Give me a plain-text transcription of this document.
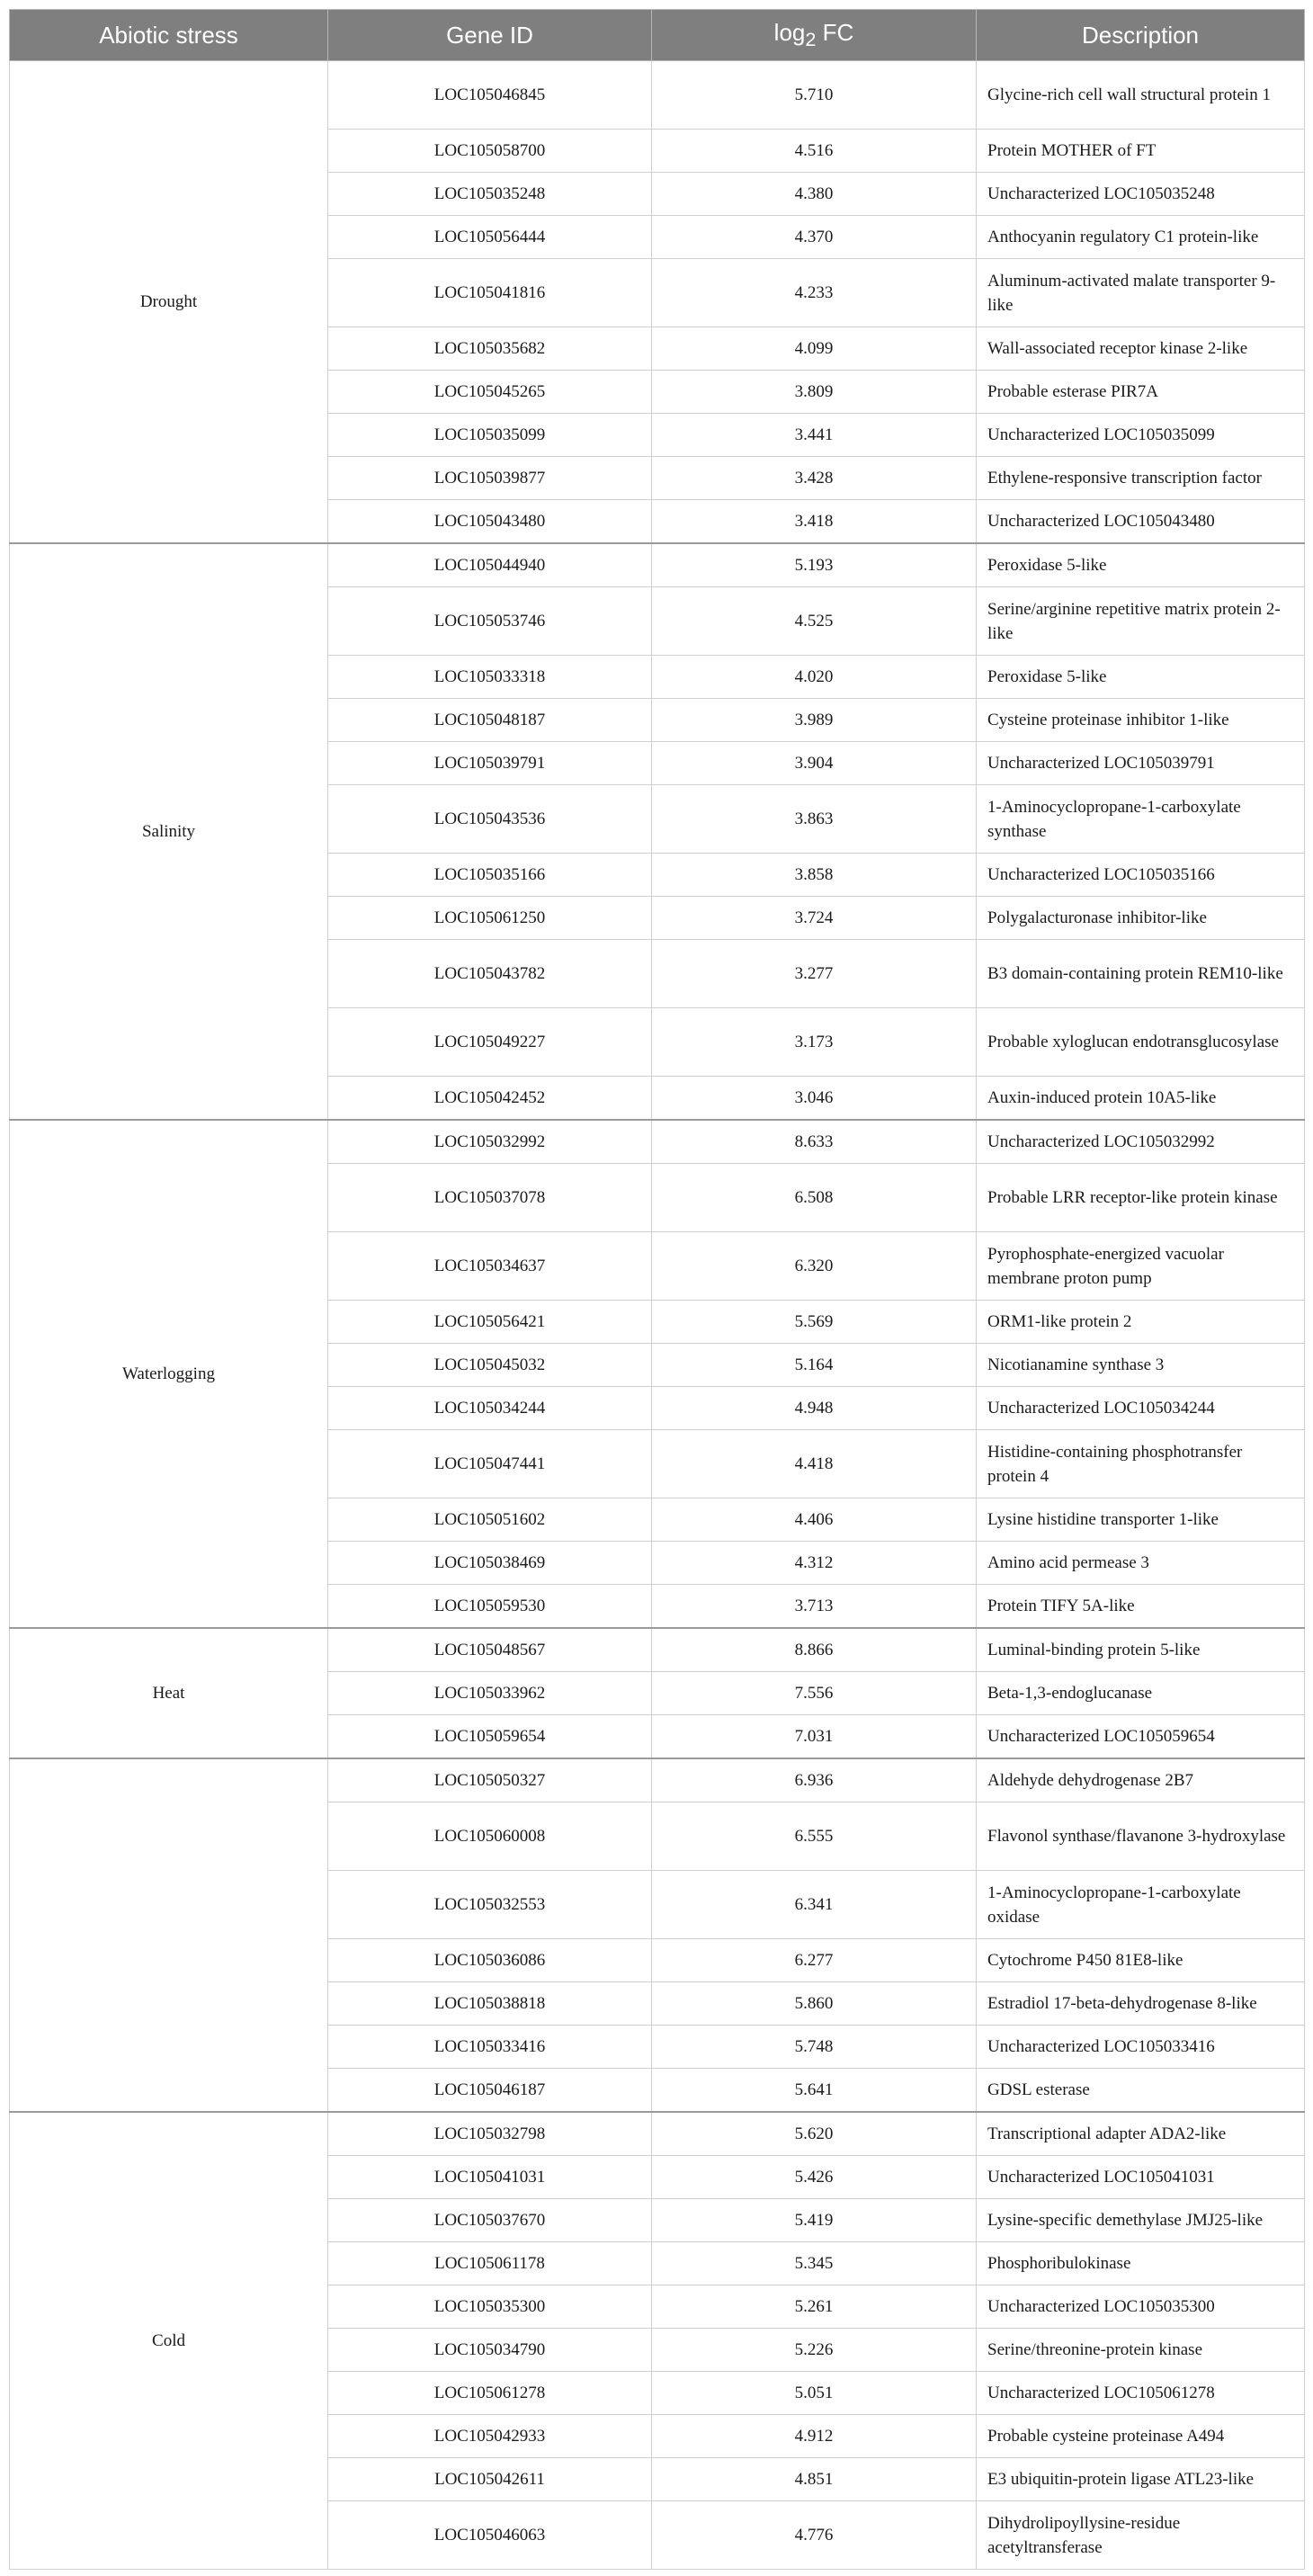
Abiotic stress	Gene ID	$\log_2$ FC	Description
Drought	LOC105046845	5.710	Glycine-rich cell wall structural protein 1
	LOC105058700	4.516	Protein MOTHER of FT
	LOC105035248	4.380	Uncharacterized LOC105035248
	LOC105056444	4.370	Anthocyanin regulatory C1 protein-like
	LOC105041816	4.233	Aluminum-activated malate transporter 9-like
	LOC105035682	4.099	Wall-associated receptor kinase 2-like
	LOC105045265	3.809	Probable esterase PIR7A
	LOC105035099	3.441	Uncharacterized LOC105035099
	LOC105039877	3.428	Ethylene-responsive transcription factor
	LOC105043480	3.418	Uncharacterized LOC105043480
Salinity	LOC105044940	5.193	Peroxidase 5-like
	LOC105053746	4.525	Serine/arginine repetitive matrix protein 2-like
	LOC105033318	4.020	Peroxidase 5-like
	LOC105048187	3.989	Cysteine proteinase inhibitor 1-like
	LOC105039791	3.904	Uncharacterized LOC105039791
	LOC105043536	3.863	1-Aminocyclopropane-1-carboxylate synthase
	LOC105035166	3.858	Uncharacterized LOC105035166
	LOC105061250	3.724	Polygalacturonase inhibitor-like
	LOC105043782	3.277	B3 domain-containing protein REM10-like
	LOC105049227	3.173	Probable xyloglucan endotransglucosylase
	LOC105042452	3.046	Auxin-induced protein 10A5-like
Waterlogging	LOC105032992	8.633	Uncharacterized LOC105032992
	LOC105037078	6.508	Probable LRR receptor-like protein kinase
	LOC105034637	6.320	Pyrophosphate-energized vacuolar membrane proton pump
	LOC105056421	5.569	ORM1-like protein 2
	LOC105045032	5.164	Nicotianamine synthase 3
	LOC105034244	4.948	Uncharacterized LOC105034244
	LOC105047441	4.418	Histidine-containing phosphotransfer protein 4
	LOC105051602	4.406	Lysine histidine transporter 1-like
	LOC105038469	4.312	Amino acid permease 3
	LOC105059530	3.713	Protein TIFY 5A-like
Heat	LOC105048567	8.866	Luminal-binding protein 5-like
	LOC105033962	7.556	Beta-1,3-endoglucanase
	LOC105059654	7.031	Uncharacterized LOC105059654
	LOC105050327	6.936	Aldehyde dehydrogenase 2B7
	LOC105060008	6.555	Flavonol synthase/flavanone 3-hydroxylase
	LOC105032553	6.341	1-Aminocyclopropane-1-carboxylate oxidase
	LOC105036086	6.277	Cytochrome P450 81E8-like
	LOC105038818	5.860	Estradiol 17-beta-dehydrogenase 8-like
	LOC105033416	5.748	Uncharacterized LOC105033416
	LOC105046187	5.641	GDSL esterase
Cold	LOC105032798	5.620	Transcriptional adapter ADA2-like
	LOC105041031	5.426	Uncharacterized LOC105041031
	LOC105037670	5.419	Lysine-specific demethylase JMJ25-like
	LOC105061178	5.345	Phosphoribulokinase
	LOC105035300	5.261	Uncharacterized LOC105035300
	LOC105034790	5.226	Serine/threonine-protein kinase
	LOC105061278	5.051	Uncharacterized LOC105061278
	LOC105042933	4.912	Probable cysteine proteinase A494
	LOC105042611	4.851	E3 ubiquitin-protein ligase ATL23-like
	LOC105046063	4.776	Dihydrolipoyllysine-residue acetyltransferase
